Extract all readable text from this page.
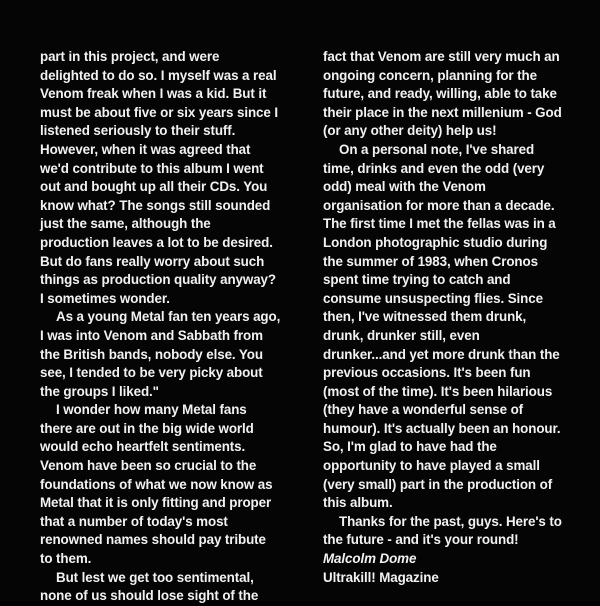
part in this project, and were
delighted to do so. I myself was a real
Venom freak when I was a kid. But it
must be about five or six years since I
listened seriously to their stuff.
However, when it was agreed that
we'd contribute to this album I went
out and bought up all their CDs. You
know what? The songs still sounded
just the same, although the
production leaves a lot to be desired.
But do fans really worry about such
things as production quality anyway?
I sometimes wonder.
As a young Metal fan ten years ago,
I was into Venom and Sabbath from
the British bands, nobody else. You
see, I tended to be very picky about
the groups I liked."
I wonder how many Metal fans
there are out in the big wide world
would echo heartfelt sentiments.
Venom have been so crucial to the
foundations of what we now know as
Metal that it is only fitting and proper
that a number of today's most
renowned names should pay tribute
to them.
But lest we get too sentimental,
none of us should lose sight of the
fact that Venom are still very much an
ongoing concern, planning for the
future, and ready, willing, able to take
their place in the next millenium - God
(or any other deity) help us!
On a personal note, I've shared
time, drinks and even the odd (very
odd) meal with the Venom
organisation for more than a decade.
The first time I met the fellas was in a
London photographic studio during
the summer of 1983, when Cronos
spent time trying to catch and
consume unsuspecting flies. Since
then, I've witnessed them drunk,
drunk, drunker still, even
drunker...and yet more drunk than the
previous occasions. It's been fun
(most of the time). It's been hilarious
(they have a wonderful sense of
humour). It's actually been an honour.
So, I'm glad to have had the
opportunity to have played a small
(very small) part in the production of
this album.
Thanks for the past, guys. Here's to
the future - and it's your round!
Malcolm Dome
Ultrakill! Magazine
